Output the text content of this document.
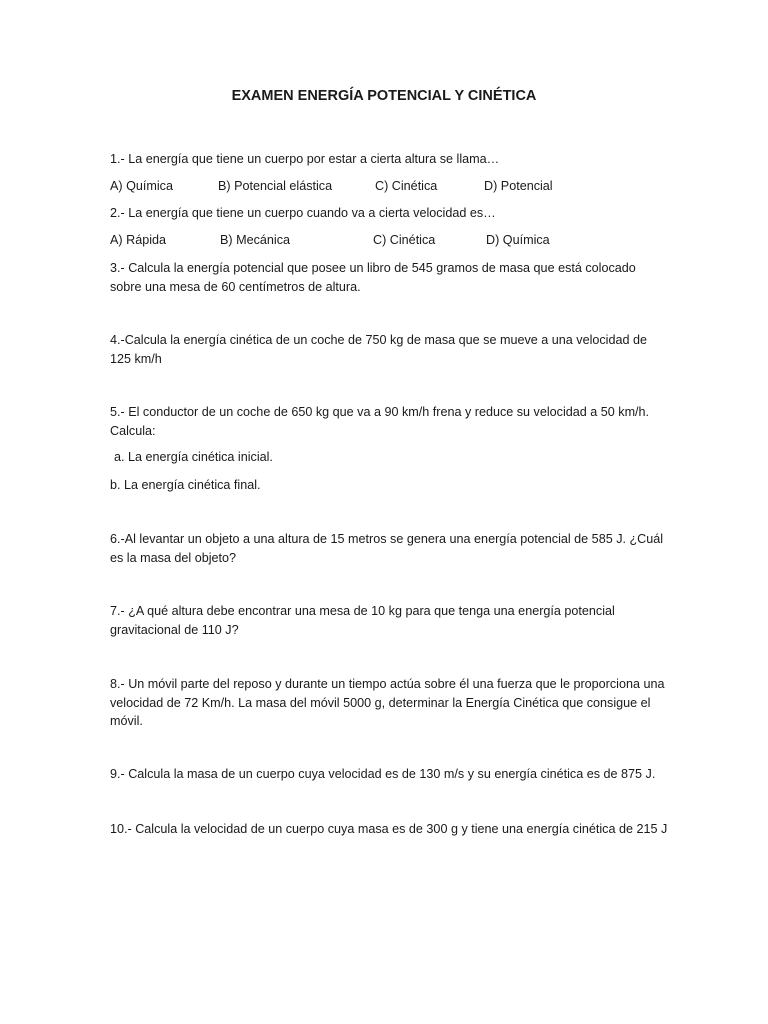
EXAMEN ENERGÍA POTENCIAL Y CINÉTICA
1.- La energía que tiene un cuerpo por estar a cierta altura se llama…
A) Química	B) Potencial elástica	C) Cinética	D) Potencial
2.- La energía que tiene un cuerpo cuando va a cierta velocidad es…
A) Rápida	B) Mecánica	C) Cinética	D) Química
3.- Calcula la energía potencial que posee un libro de 545 gramos de masa que está colocado sobre una mesa de 60 centímetros de altura.
4.-Calcula la energía cinética de un coche de 750 kg de masa que se mueve a una velocidad de 125 km/h
5.- El conductor de un coche de 650 kg que va a 90 km/h frena y reduce su velocidad a 50 km/h. Calcula:
a. La energía cinética inicial.
b. La energía cinética final.
6.-Al levantar un objeto a una altura de 15 metros se genera una energía potencial de 585 J. ¿Cuál es la masa del objeto?
7.- ¿A qué altura debe encontrar una mesa de 10 kg para que tenga una energía potencial gravitacional de 110 J?
8.- Un móvil parte del reposo y durante un tiempo actúa sobre él una fuerza que le proporciona una velocidad de 72 Km/h. La masa del móvil 5000 g, determinar la Energía Cinética que consigue el móvil.
9.- Calcula la masa de un cuerpo cuya velocidad es de 130 m/s y su energía cinética es de 875 J.
10.- Calcula la velocidad de un cuerpo cuya masa es de 300 g y tiene una energía cinética de 215 J
